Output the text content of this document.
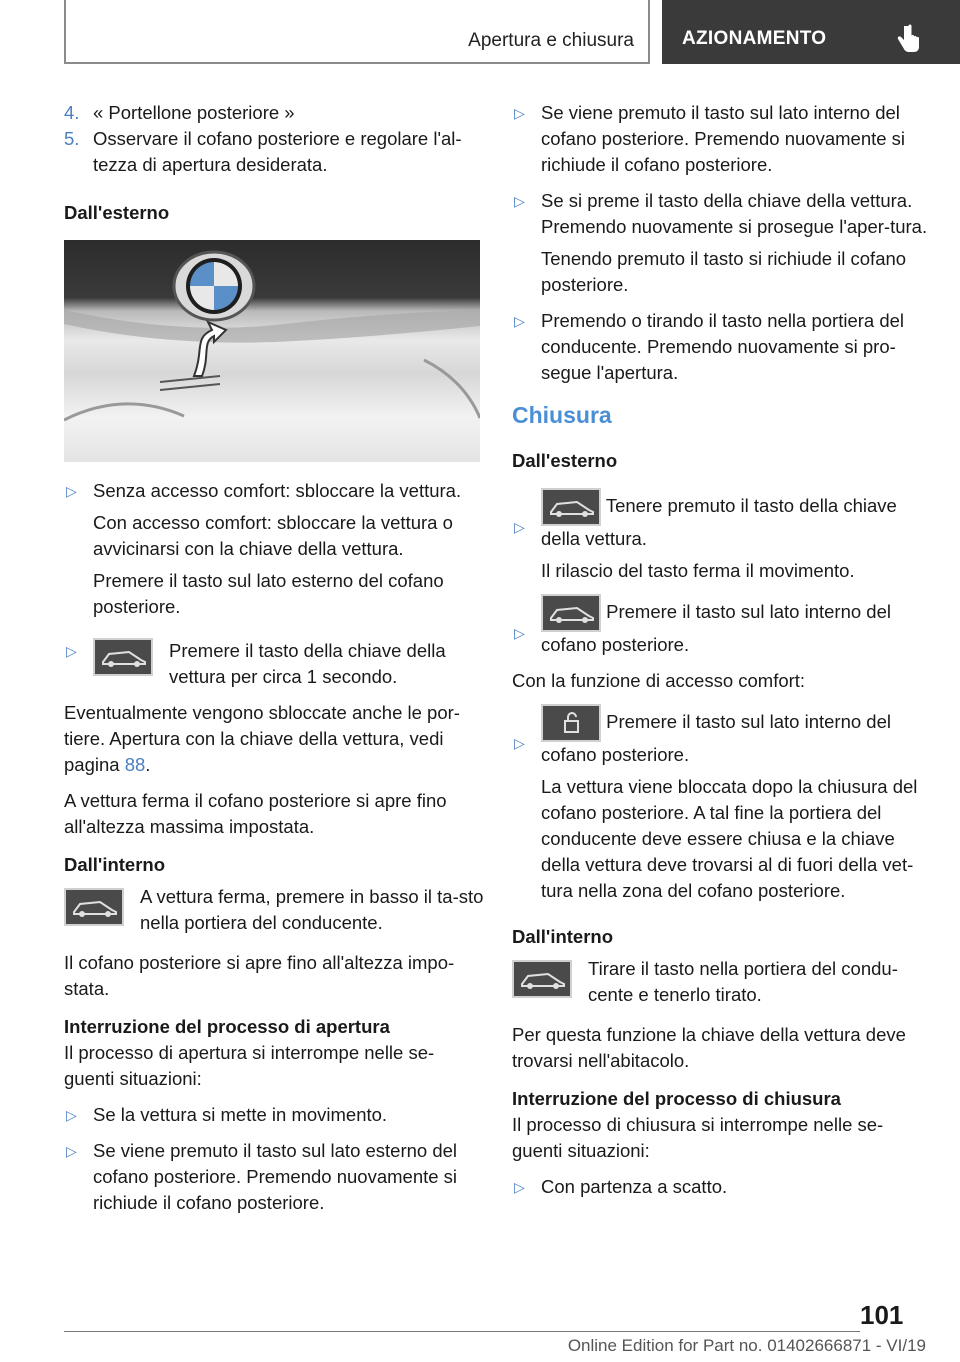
Apertura e chiusura	AZIONAMENTO
4. « Portellone posteriore »
5. Osservare il cofano posteriore e regolare l'al-tezza di apertura desiderata.

Dall'esterno

▷ Senza accesso comfort: sbloccare la vettura.

Con accesso comfort: sbloccare la vettura o avvicinarsi con la chiave della vettura.

Premere il tasto sul lato esterno del cofano posteriore.

▷	Premere il tasto della chiave della vettura per circa 1 secondo.

Eventualmente vengono sbloccate anche le por-tiere. Apertura con la chiave della vettura, vedi pagina 88.

A vettura ferma il cofano posteriore si apre fino all'altezza massima impostata.

Dall'interno

A vettura ferma, premere in basso il ta-sto nella portiera del conducente.

Il cofano posteriore si apre fino all'altezza impo-stata.

Interruzione del processo di apertura

Il processo di apertura si interrompe nelle se-guenti situazioni:

▷ Se la vettura si mette in movimento.

▷ Se viene premuto il tasto sul lato esterno del cofano posteriore. Premendo nuovamente si richiude il cofano posteriore.

▷ Se viene premuto il tasto sul lato interno del cofano posteriore. Premendo nuovamente si richiude il cofano posteriore.

▷ Se si preme il tasto della chiave della vettura. Premendo nuovamente si prosegue l'aper-tura.

Tenendo premuto il tasto si richiude il cofano posteriore.

▷ Premendo o tirando il tasto nella portiera del conducente. Premendo nuovamente si pro-segue l'apertura.

Chiusura

Dall'esterno

▷

Tenere premuto il tasto della chiave della vettura.

Il rilascio del tasto ferma il movimento.

▷

Premere il tasto sul lato interno del cofano posteriore.

Con la funzione di accesso comfort:

▷

Premere il tasto sul lato interno del cofano posteriore.

La vettura viene bloccata dopo la chiusura del cofano posteriore. A tal fine la portiera del conducente deve essere chiusa e la chiave della vettura deve trovarsi al di fuori della vet-tura nella zona del cofano posteriore.

Dall'interno

Tirare il tasto nella portiera del condu-cente e tenerlo tirato.

Per questa funzione la chiave della vettura deve trovarsi nell'abitacolo.

Interruzione del processo di chiusura

Il processo di chiusura si interrompe nelle se-guenti situazioni:

▷ Con partenza a scatto.

101
Online Edition for Part no. 01402666871 - VI/19
